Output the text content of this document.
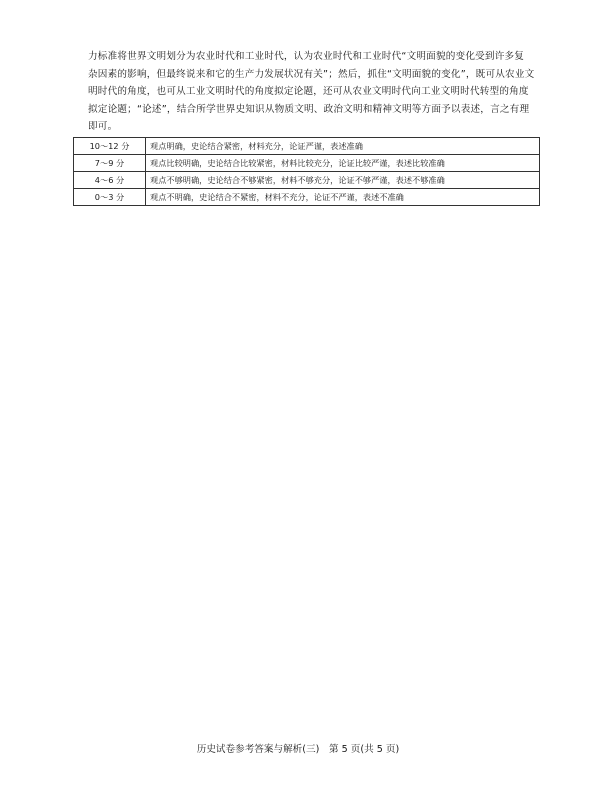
力标准将世界文明划分为农业时代和工业时代，认为农业时代和工业时代“文明面貌的变化受到许多复
杂因素的影响，但最终说来和它的生产力发展状况有关”；然后，抓住“文明面貌的变化”，既可从农业文
明时代的角度，也可从工业文明时代的角度拟定论题，还可从农业文明时代向工业文明时代转型的角度
拟定论题；“论述”，结合所学世界史知识从物质文明、政治文明和精神文明等方面予以表述，言之有理
即可。
10～12 分	观点明确，史论结合紧密，材料充分，论证严谨，表述准确
7～9 分	观点比较明确，史论结合比较紧密，材料比较充分，论证比较严谨，表述比较准确
4～6 分	观点不够明确，史论结合不够紧密，材料不够充分，论证不够严谨，表述不够准确
0～3 分	观点不明确，史论结合不紧密，材料不充分，论证不严谨，表述不准确
历史试卷参考答案与解析(三)　第 5 页(共 5 页)
